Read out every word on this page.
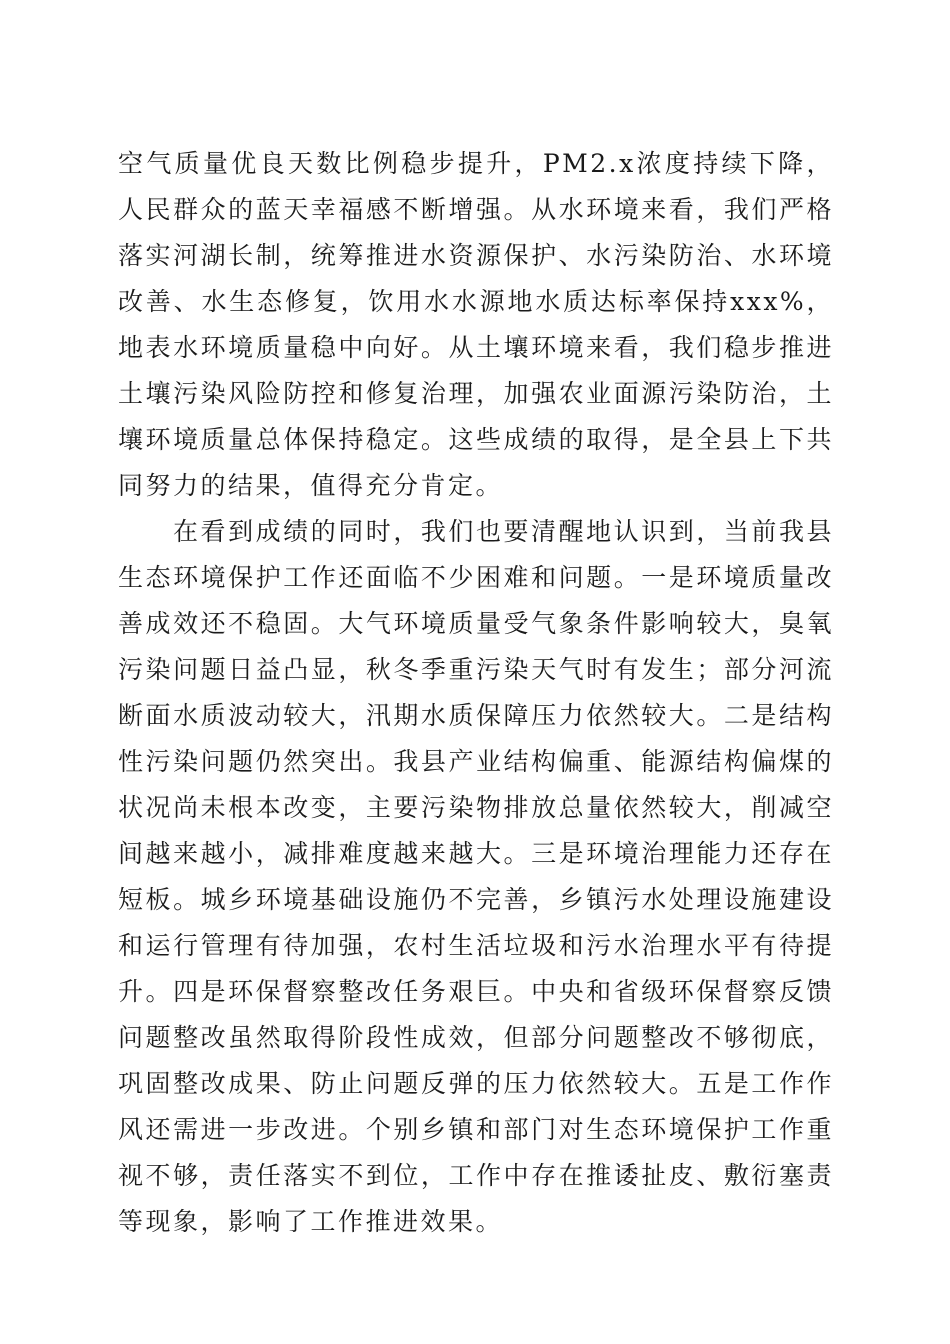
空气质量优良天数比例稳步提升，PM2.x浓度持续下降，人民群众的蓝天幸福感不断增强。从水环境来看，我们严格落实河湖长制，统筹推进水资源保护、水污染防治、水环境改善、水生态修复，饮用水水源地水质达标率保持xxx%，地表水环境质量稳中向好。从土壤环境来看，我们稳步推进土壤污染风险防控和修复治理，加强农业面源污染防治，土壤环境质量总体保持稳定。这些成绩的取得，是全县上下共同努力的结果，值得充分肯定。

在看到成绩的同时，我们也要清醒地认识到，当前我县生态环境保护工作还面临不少困难和问题。一是环境质量改善成效还不稳固。大气环境质量受气象条件影响较大，臭氧污染问题日益凸显，秋冬季重污染天气时有发生；部分河流断面水质波动较大，汛期水质保障压力依然较大。二是结构性污染问题仍然突出。我县产业结构偏重、能源结构偏煤的状况尚未根本改变，主要污染物排放总量依然较大，削减空间越来越小，减排难度越来越大。三是环境治理能力还存在短板。城乡环境基础设施仍不完善，乡镇污水处理设施建设和运行管理有待加强，农村生活垃圾和污水治理水平有待提升。四是环保督察整改任务艰巨。中央和省级环保督察反馈问题整改虽然取得阶段性成效，但部分问题整改不够彻底，巩固整改成果、防止问题反弹的压力依然较大。五是工作作风还需进一步改进。个别乡镇和部门对生态环境保护工作重视不够，责任落实不到位，工作中存在推诿扯皮、敷衍塞责等现象，影响了工作推进效果。
